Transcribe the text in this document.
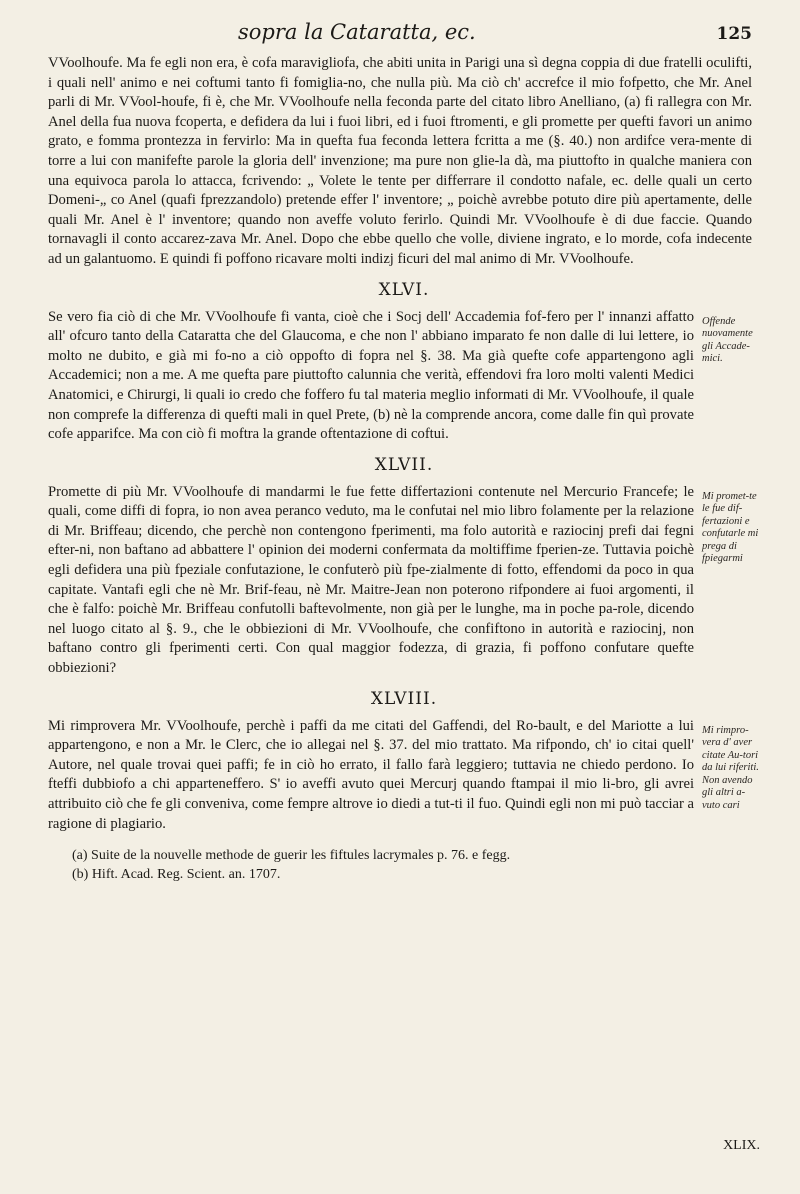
sopra la Cataratta, ec.	125

VVoolhoufe. Ma fe egli non era, è cofa maravigliofa, che abiti unita in Parigi una sì degna coppia di due fratelli oculifti, i quali nell' animo e nei coftumi tanto fi fomiglia-no, che nulla più. Ma ciò ch' accrefce il mio fofpetto, che Mr. Anel parli di Mr. VVool-houfe, fi è, che Mr. VVoolhoufe nella feconda parte del citato libro Anelliano, (a) fi rallegra con Mr. Anel della fua nuova fcoperta, e defidera da lui i fuoi libri, ed i fuoi ftromenti, e gli promette per quefti favori un animo grato, e fomma prontezza in fervirlo: Ma in quefta fua feconda lettera fcritta a me (§. 40.) non ardifce vera-mente di torre a lui con manifefte parole la gloria dell' invenzione; ma pure non glie-la dà, ma piuttofto in qualche maniera con una equivoca parola lo attacca, fcrivendo: „ Volete le tente per differrare il condotto nafale, ec. delle quali un certo Domeni-„ co Anel (quafi fprezzandolo) pretende effer l' inventore; „ poichè avrebbe potuto dire più apertamente, delle quali Mr. Anel è l' inventore; quando non aveffe voluto ferirlo. Quindi Mr. VVoolhoufe è di due faccie. Quando tornavagli il conto accarez-zava Mr. Anel. Dopo che ebbe quello che volle, diviene ingrato, e lo morde, cofa indecente ad un galantuomo. E quindi fi poffono ricavare molti indizj ficuri del mal animo di Mr. VVoolhoufe.

XLVI.
Offende nuovamente gli Accade-mici.

Se vero fia ciò di che Mr. VVoolhoufe fi vanta, cioè che i Socj dell' Accademia fof-fero per l' innanzi affatto all' ofcuro tanto della Cataratta che del Glaucoma, e che non l' abbiano imparato fe non dalle di lui lettere, io molto ne dubito, e già mi fo-no a ciò oppofto di fopra nel §. 38. Ma già quefte cofe appartengono agli Accademici; non a me. A me quefta pare piuttofto calunnia che verità, effendovi fra loro molti valenti Medici Anatomici, e Chirurgi, li quali io credo che foffero fu tal materia meglio informati di Mr. VVoolhoufe, il quale non comprefe la differenza di quefti mali in quel Prete, (b) nè la comprende ancora, come dalle fin quì provate cofe apparifce. Ma con ciò fi moftra la grande oftentazione di coftui.

XLVII.
Mi promet-te le fue dif-fertazioni e confutarle mi prega di fpiegarmi

Promette di più Mr. VVoolhoufe di mandarmi le fue fette differtazioni contenute nel Mercurio Francefe; le quali, come diffi di fopra, io non avea peranco veduto, ma le confutai nel mio libro folamente per la relazione di Mr. Briffeau; dicendo, che perchè non contengono fperimenti, ma folo autorità e raziocinj prefi dai fegni efter-ni, non baftano ad abbattere l' opinion dei moderni confermata da moltiffime fperien-ze. Tuttavia poichè egli defidera una più fpeziale confutazione, le confuterò più fpe-zialmente di fotto, effendomi da poco in qua capitate. Vantafi egli che nè Mr. Brif-feau, nè Mr. Maitre-Jean non poterono rifpondere ai fuoi argomenti, il che è falfo: poichè Mr. Briffeau confutolli baftevolmente, non già per le lunghe, ma in poche pa-role, dicendo nel luogo citato al §. 9., che le obbiezioni di Mr. VVoolhoufe, che confiftono in autorità e raziocinj, non baftano contro gli fperimenti certi. Con qual maggior fodezza, di grazia, fi poffono confutare quefte obbiezioni?

XLVIII.
Mi rimpro-vera d' aver citate Au-tori da lui riferiti. Non avendo gli altri a-vuto cari

Mi rimprovera Mr. VVoolhoufe, perchè i paffi da me citati del Gaffendi, del Ro-bault, e del Mariotte a lui appartengono, e non a Mr. le Clerc, che io allegai nel §. 37. del mio trattato. Ma rifpondo, ch' io citai quell' Autore, nel quale trovai quei paffi; fe in ciò ho errato, il fallo farà leggiero; tuttavia ne chiedo perdono. Io fteffi dubbiofo a chi apparteneffero. S' io aveffi avuto quei Mercurj quando ftampai il mio li-bro, gli avrei attribuito ciò che fe gli conveniva, come fempre altrove io diedi a tut-ti il fuo. Quindi egli non mi può tacciar a ragione di plagiario.

(a) Suite de la nouvelle methode de guerir les fiftules lacrymales p. 76. e fegg.
(b) Hift. Acad. Reg. Scient. an. 1707.
XLIX.
